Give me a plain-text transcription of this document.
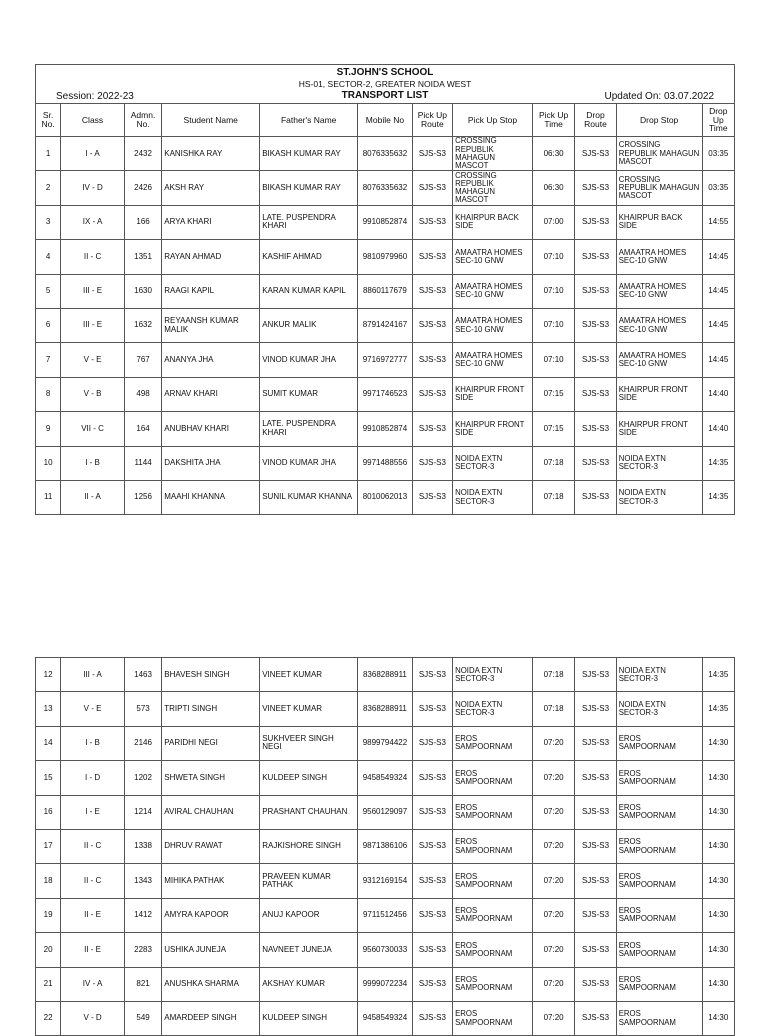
ST.JOHN'S SCHOOL
HS-01, SECTOR-2, GREATER NOIDA WEST
Session: 2022-23	TRANSPORT LIST	Updated On: 03.07.2022
Sr. No.	Class	Admn. No.	Student Name	Father's Name	Mobile No	Pick Up Route	Pick Up Stop	Pick Up Time	Drop Route	Drop Stop	Drop Up Time
1	I - A	2432	KANISHKA RAY	BIKASH KUMAR RAY	8076335632	SJS-S3	CROSSING REPUBLIK MAHAGUN MASCOT	06:30	SJS-S3	CROSSING REPUBLIK MAHAGUN MASCOT	03:35
2	IV - D	2426	AKSH RAY	BIKASH KUMAR RAY	8076335632	SJS-S3	CROSSING REPUBLIK MAHAGUN MASCOT	06:30	SJS-S3	CROSSING REPUBLIK MAHAGUN MASCOT	03:35
3	IX - A	166	ARYA KHARI	LATE. PUSPENDRA KHARI	9910852874	SJS-S3	KHAIRPUR BACK SIDE	07:00	SJS-S3	KHAIRPUR BACK SIDE	14:55
4	II - C	1351	RAYAN AHMAD	KASHIF AHMAD	9810979960	SJS-S3	AMAATRA HOMES SEC-10 GNW	07:10	SJS-S3	AMAATRA HOMES SEC-10 GNW	14:45
5	III - E	1630	RAAGI KAPIL	KARAN KUMAR KAPIL	8860117679	SJS-S3	AMAATRA HOMES SEC-10 GNW	07:10	SJS-S3	AMAATRA HOMES SEC-10 GNW	14:45
6	III - E	1632	REYAANSH KUMAR MALIK	ANKUR MALIK	8791424167	SJS-S3	AMAATRA HOMES SEC-10 GNW	07:10	SJS-S3	AMAATRA HOMES SEC-10 GNW	14:45
7	V - E	767	ANANYA JHA	VINOD KUMAR JHA	9716972777	SJS-S3	AMAATRA HOMES SEC-10 GNW	07:10	SJS-S3	AMAATRA HOMES SEC-10 GNW	14:45
8	V - B	498	ARNAV KHARI	SUMIT KUMAR	9971746523	SJS-S3	KHAIRPUR FRONT SIDE	07:15	SJS-S3	KHAIRPUR FRONT SIDE	14:40
9	VII - C	164	ANUBHAV KHARI	LATE. PUSPENDRA KHARI	9910852874	SJS-S3	KHAIRPUR FRONT SIDE	07:15	SJS-S3	KHAIRPUR FRONT SIDE	14:40
10	I - B	1144	DAKSHITA JHA	VINOD KUMAR JHA	9971488556	SJS-S3	NOIDA EXTN SECTOR-3	07:18	SJS-S3	NOIDA EXTN SECTOR-3	14:35
11	II - A	1256	MAAHI KHANNA	SUNIL KUMAR KHANNA	8010062013	SJS-S3	NOIDA EXTN SECTOR-3	07:18	SJS-S3	NOIDA EXTN SECTOR-3	14:35
12	III - A	1463	BHAVESH SINGH	VINEET KUMAR	8368288911	SJS-S3	NOIDA EXTN SECTOR-3	07:18	SJS-S3	NOIDA EXTN SECTOR-3	14:35
13	V - E	573	TRIPTI SINGH	VINEET KUMAR	8368288911	SJS-S3	NOIDA EXTN SECTOR-3	07:18	SJS-S3	NOIDA EXTN SECTOR-3	14:35
14	I - B	2146	PARIDHI NEGI	SUKHVEER SINGH NEGI	9899794422	SJS-S3	EROS SAMPOORNAM	07:20	SJS-S3	EROS SAMPOORNAM	14:30
15	I - D	1202	SHWETA SINGH	KULDEEP SINGH	9458549324	SJS-S3	EROS SAMPOORNAM	07:20	SJS-S3	EROS SAMPOORNAM	14:30
16	I - E	1214	AVIRAL CHAUHAN	PRASHANT CHAUHAN	9560129097	SJS-S3	EROS SAMPOORNAM	07:20	SJS-S3	EROS SAMPOORNAM	14:30
17	II - C	1338	DHRUV RAWAT	RAJKISHORE SINGH	9871386106	SJS-S3	EROS SAMPOORNAM	07:20	SJS-S3	EROS SAMPOORNAM	14:30
18	II - C	1343	MIHIKA PATHAK	PRAVEEN KUMAR PATHAK	9312169154	SJS-S3	EROS SAMPOORNAM	07:20	SJS-S3	EROS SAMPOORNAM	14:30
19	II - E	1412	AMYRA KAPOOR	ANUJ KAPOOR	9711512456	SJS-S3	EROS SAMPOORNAM	07:20	SJS-S3	EROS SAMPOORNAM	14:30
20	II - E	2283	USHIKA JUNEJA	NAVNEET JUNEJA	9560730033	SJS-S3	EROS SAMPOORNAM	07:20	SJS-S3	EROS SAMPOORNAM	14:30
21	IV - A	821	ANUSHKA SHARMA	AKSHAY KUMAR	9999072234	SJS-S3	EROS SAMPOORNAM	07:20	SJS-S3	EROS SAMPOORNAM	14:30
22	V - D	549	AMARDEEP SINGH	KULDEEP SINGH	9458549324	SJS-S3	EROS SAMPOORNAM	07:20	SJS-S3	EROS SAMPOORNAM	14:30
